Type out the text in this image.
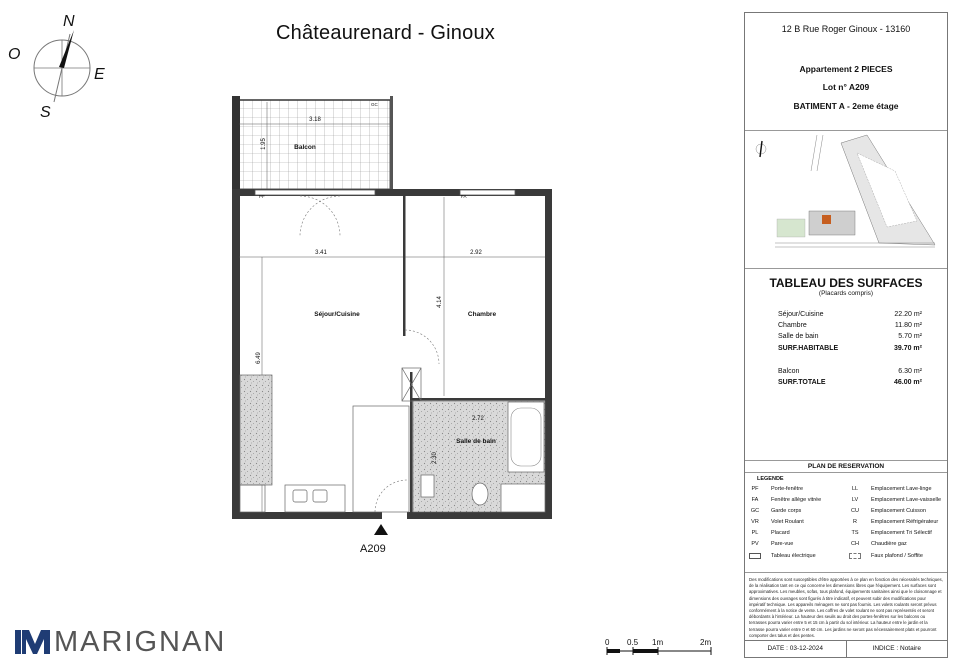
Châteaurenard - Ginoux
N
O
E
S
Balcon
Séjour/Cuisine	Chambre
Salle de bain
3.18
1.95
3.41	2.92
4.14
6.49
2.72
2.30
GC
PF	FA
A209
MARIGNAN	0 0.5 1m	2m
12 B Rue Roger Ginoux - 13160
Appartement 2 PIECES
Lot n° A209
BATIMENT A - 2eme étage
TABLEAU DES SURFACES
(Placards compris)
Séjour/Cuisine	22.20 m²
Chambre	11.80 m²
Salle de bain	5.70 m²
SURF.HABITABLE	39.70 m²
Balcon	6.30 m²
SURF.TOTALE	46.00 m²
PLAN DE RESERVATION
LEGENDE
PF	Porte-fenêtre
FA	Fenêtre allège vitrée
GC	Garde corps
VR	Volet Roulant
PL	Placard
PV	Pare-vue
Tableau électrique
LL	Emplacement Lave-linge
LV	Emplacement Lave-vaisselle
CU	Emplacement Cuisson
R	Emplacement Réfrigérateur
TS	Emplacement Tri Sélectif
CH	Chaudière gaz
Faux plafond / Soffite

Des modifications sont susceptibles d'être apportées à ce plan en fonction des nécessités techniques, de la réalisation tant en ce qui concerne les dimensions libres que l'équipement. Les surfaces sont approximatives. Les meubles, sofas, tous plafond, équipements sanitaires ainsi que le cloisonnage et dimensions des ouvrages sont figurés à titre indicatif, et peuvent subir des modifications pour impératif technique. Les appareils ménagers ne sont pas fournis. Les volets roulants seront prévus conformément à la notice de vente. Les coffres de volet roulant ne sont pas représentés et seront débordants à l'intérieur. La hauteur des seuils au droit des portes-fenêtres sur les balcons ou terrasses pourra varier entre 5 et 15 cm à partir du sol intérieur. La hauteur entre le jardin et la terrasse pourra varier entre 0 et 60 cm. Les jardins ne seront pas nécessairement plats et pourront comporter des talus et des pentes.

DATE : 03-12-2024	INDICE : Notaire
